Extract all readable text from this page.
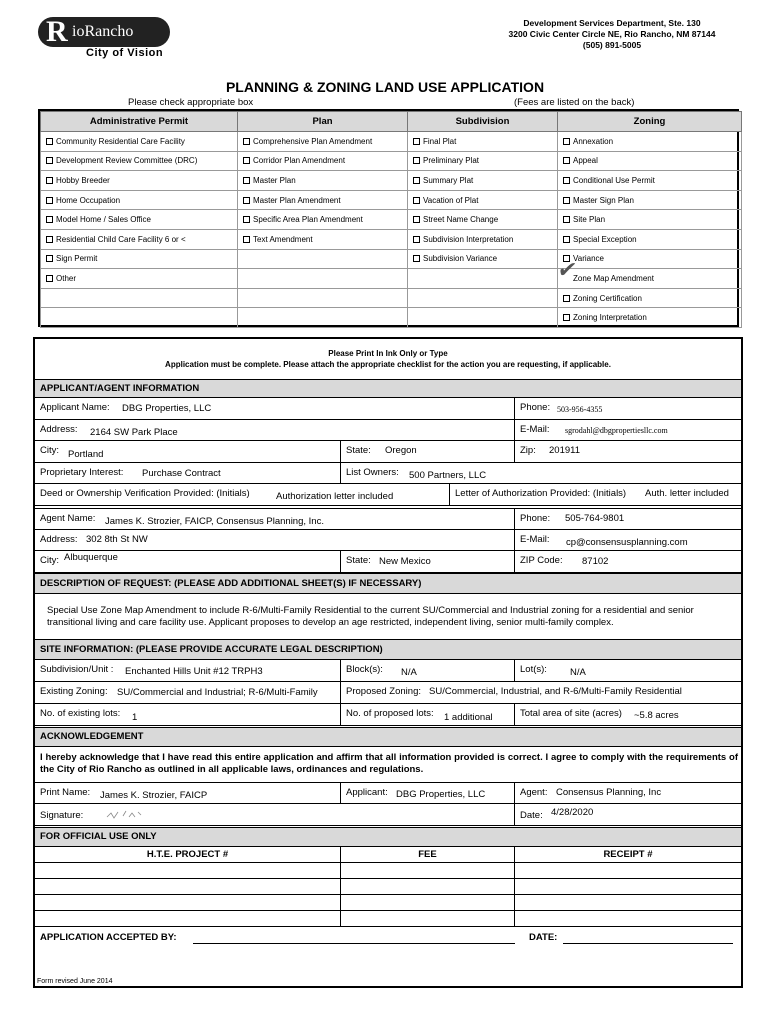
R ioRancho
City of Vision
Development Services Department, Ste. 130
3200 Civic Center Circle NE, Rio Rancho, NM 87144
(505) 891-5005
PLANNING & ZONING LAND USE APPLICATION
Please check appropriate box	(Fees are listed on the back)
Administrative Permit	Plan	Subdivision	Zoning
Community Residential Care Facility	Comprehensive Plan Amendment	Final Plat	Annexation
Development Review Committee (DRC)	Corridor Plan Amendment	Preliminary Plat	Appeal
Hobby Breeder	Master Plan	Summary Plat	Conditional Use Permit
Home Occupation	Master Plan Amendment	Vacation of Plat	Master Sign Plan
Model Home / Sales Office	Specific Area Plan Amendment	Street Name Change	Site Plan
Residential Child Care Facility 6 or <	Text Amendment	Subdivision Interpretation	Special Exception
Sign Permit		Subdivision Variance	Variance
Other			Zone Map Amendment
			Zoning Certification
			Zoning Interpretation
✔
Please Print In Ink Only or Type
Application must be complete. Please attach the appropriate checklist for the action you are requesting, if applicable.
APPLICANT/AGENT INFORMATION
Applicant Name: DBG Properties, LLC	Phone: 503-956-4355
Address: 2164 SW Park Place	E-Mail: sgrodahl@dbgpropertiesllc.com
City: Portland	State: Oregon	Zip: 201911
Proprietary Interest: Purchase Contract	List Owners: 500 Partners, LLC
Deed or Ownership Verification Provided: (Initials)	Authorization letter included	Letter of Authorization Provided: (Initials) Auth. letter included
Agent Name: James K. Strozier, FAICP, Consensus Planning, Inc.	Phone: 505-764-9801
Address: 302 8th St NW	E-Mail: cp@consensusplanning.com
City: Albuquerque	State: New Mexico	ZIP Code: 87102
DESCRIPTION OF REQUEST: (PLEASE ADD ADDITIONAL SHEET(S) IF NECESSARY)
Special Use Zone Map Amendment to include R-6/Multi-Family Residential to the current SU/Commercial and Industrial zoning for a residential and senior transitional living and care facility use. Applicant proposes to develop an age restricted, independent living, senior multi-family complex.
SITE INFORMATION: (PLEASE PROVIDE ACCURATE LEGAL DESCRIPTION)
Subdivision/Unit : Enchanted Hills Unit #12 TRPH3	Block(s): N/A	Lot(s): N/A
Existing Zoning: SU/Commercial and Industrial; R-6/Multi-Family	Proposed Zoning: SU/Commercial, Industrial, and R-6/Multi-Family Residential
No. of existing lots: 1	No. of proposed lots: 1 additional	Total area of site (acres) ~5.8 acres
ACKNOWLEDGEMENT
I hereby acknowledge that I have read this entire application and affirm that all information provided is correct. I agree to comply with the requirements of the City of Rio Rancho as outlined in all applicable laws, ordinances and regulations.
Print Name: James K. Strozier, FAICP	Applicant: DBG Properties, LLC	Agent: Consensus Planning, Inc
Signature:	Date: 4/28/2020
FOR OFFICIAL USE ONLY
H.T.E. PROJECT #	FEE	RECEIPT #
APPLICATION ACCEPTED BY:	DATE:
Form revised June 2014
